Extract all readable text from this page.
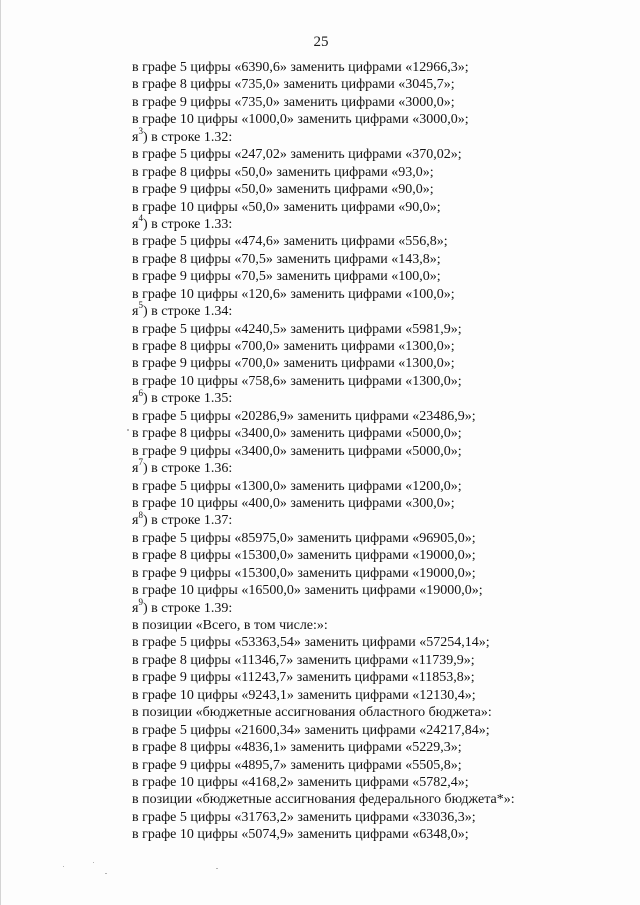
25
в графе 5 цифры «6390,6» заменить цифрами «12966,3»;
в графе 8 цифры «735,0» заменить цифрами «3045,7»;
в графе 9 цифры «735,0» заменить цифрами «3000,0»;
в графе 10 цифры «1000,0» заменить цифрами «3000,0»;
$я^3$) в строке 1.32:
в графе 5 цифры «247,02» заменить цифрами «370,02»;
в графе 8 цифры «50,0» заменить цифрами «93,0»;
в графе 9 цифры «50,0» заменить цифрами «90,0»;
в графе 10 цифры «50,0» заменить цифрами «90,0»;
$я^4$) в строке 1.33:
в графе 5 цифры «474,6» заменить цифрами «556,8»;
в графе 8 цифры «70,5» заменить цифрами «143,8»;
в графе 9 цифры «70,5» заменить цифрами «100,0»;
в графе 10 цифры «120,6» заменить цифрами «100,0»;
$я^5$) в строке 1.34:
в графе 5 цифры «4240,5» заменить цифрами «5981,9»;
в графе 8 цифры «700,0» заменить цифрами «1300,0»;
в графе 9 цифры «700,0» заменить цифрами «1300,0»;
в графе 10 цифры «758,6» заменить цифрами «1300,0»;
$я^6$) в строке 1.35:
в графе 5 цифры «20286,9» заменить цифрами «23486,9»;
в графе 8 цифры «3400,0» заменить цифрами «5000,0»;
в графе 9 цифры «3400,0» заменить цифрами «5000,0»;
$я^7$) в строке 1.36:
в графе 5 цифры «1300,0» заменить цифрами «1200,0»;
в графе 10 цифры «400,0» заменить цифрами «300,0»;
$я^8$) в строке 1.37:
в графе 5 цифры «85975,0» заменить цифрами «96905,0»;
в графе 8 цифры «15300,0» заменить цифрами «19000,0»;
в графе 9 цифры «15300,0» заменить цифрами «19000,0»;
в графе 10 цифры «16500,0» заменить цифрами «19000,0»;
$я^9$) в строке 1.39:
в позиции «Всего, в том числе:»:
в графе 5 цифры «53363,54» заменить цифрами «57254,14»;
в графе 8 цифры «11346,7» заменить цифрами «11739,9»;
в графе 9 цифры «11243,7» заменить цифрами «11853,8»;
в графе 10 цифры «9243,1» заменить цифрами «12130,4»;
в позиции «бюджетные ассигнования областного бюджета»:
в графе 5 цифры «21600,34» заменить цифрами «24217,84»;
в графе 8 цифры «4836,1» заменить цифрами «5229,3»;
в графе 9 цифры «4895,7» заменить цифрами «5505,8»;
в графе 10 цифры «4168,2» заменить цифрами «5782,4»;
в позиции «бюджетные ассигнования федерального бюджета*»:
в графе 5 цифры «31763,2» заменить цифрами «33036,3»;
в графе 10 цифры «5074,9» заменить цифрами «6348,0»;
